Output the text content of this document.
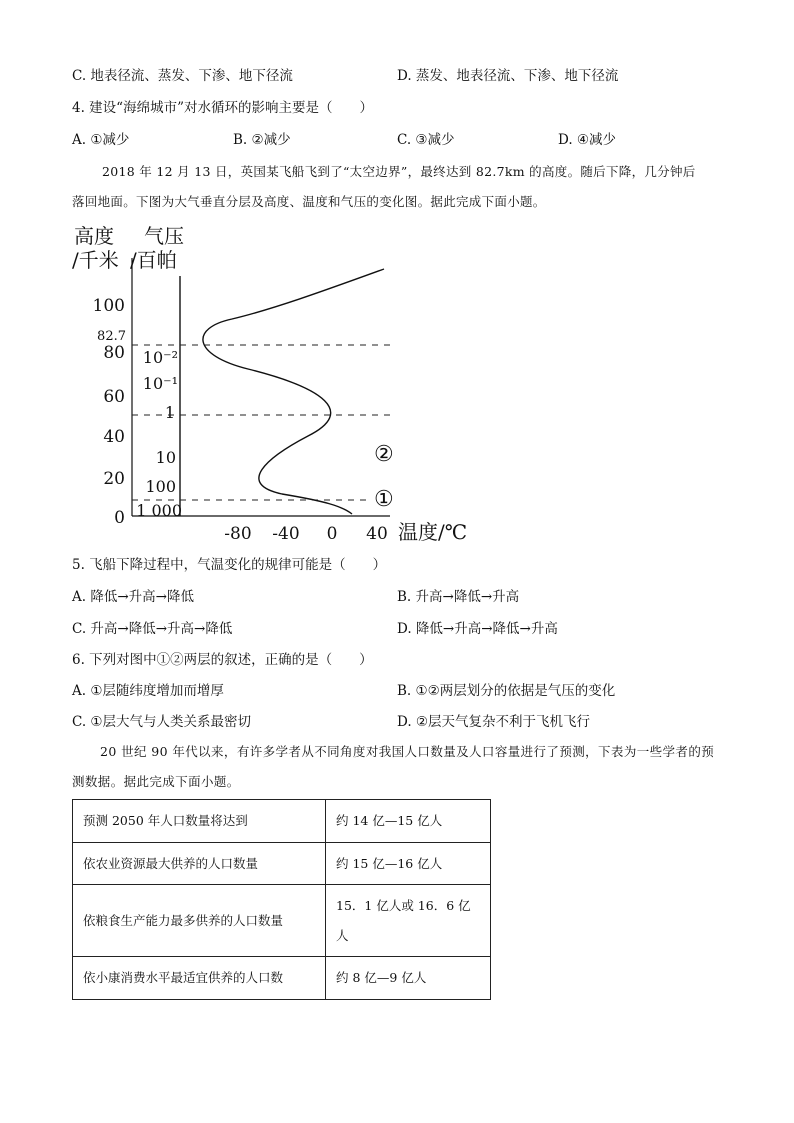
C. 地表径流、蒸发、下渗、地下径流	D. 蒸发、地表径流、下渗、地下径流
4. 建设“海绵城市”对水循环的影响主要是（　　）
A. ①减少	B. ②减少	C. ③减少	D. ④减少
2018 年 12 月 13 日，英国某飞船飞到了“太空边界”，最终达到 82.7km 的高度。随后下降，几分钟后
落回地面。下图为大气垂直分层及高度、温度和气压的变化图。据此完成下面小题。
高度
/千米
气压
/百帕
100
82.7
80
60
40
20
0
10⁻²
10⁻¹
1
10
100
1 000
-80 -40 0 40 温度/℃
②
①
5. 飞船下降过程中，气温变化的规律可能是（　　）
A. 降低→升高→降低	B. 升高→降低→升高
C. 升高→降低→升高→降低	D. 降低→升高→降低→升高
6. 下列对图中①②两层的叙述，正确的是（　　）
A. ①层随纬度增加而增厚	B. ①②两层划分的依据是气压的变化
C. ①层大气与人类关系最密切	D. ②层天气复杂不利于飞机飞行
20 世纪 90 年代以来，有许多学者从不同角度对我国人口数量及人口容量进行了预测，下表为一些学者的预测数据。据此完成下面小题。
预测 2050 年人口数量将达到	约 14 亿—15 亿人
依农业资源最大供养的人口数量	约 15 亿—16 亿人
依粮食生产能力最多供养的人口数量	15．1 亿人或 16．6 亿人
依小康消费水平最适宜供养的人口数	约 8 亿—9 亿人
